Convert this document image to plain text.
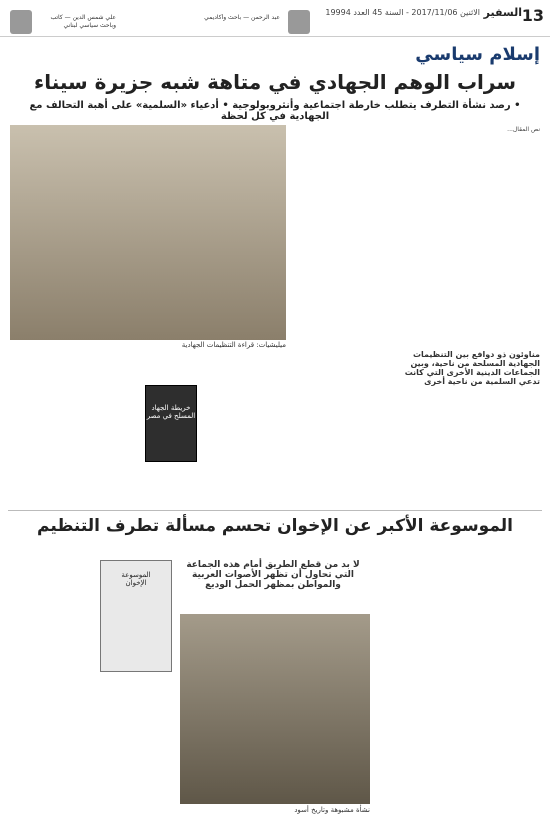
13
السفير
الاثنين 2017/11/06 - السنة 45 العدد 19994
عبد الرحمن — باحث وأكاديمي
علي شمس الدين — كاتب وباحث سياسي لبناني
إسلام سياسي
سراب الوهم الجهادي في متاهة شبه جزيرة سيناء
• رصد نشأة التطرف يتطلب خارطة اجتماعية وأنثروبولوجية • أدعياء «السلمية» على أهبة التحالف مع الجهادية في كل لحظة
ميليشيات: قراءة التنظيمات الجهادية
نص المقال...
مناوئون ذو دوافع بين التنظيمات الجهادية المسلحة من ناحية، وبين الجماعات الدينية الأخرى التي كانت تدعي السلمية من ناحية أخرى
خريطة الجهاد المسلح في مصر
الموسوعة الأكبر عن الإخوان تحسم مسألة تطرف التنظيم
لا بد من قطع الطريق أمام هذه الجماعة التي تحاول أن تظهر الأصوات العربية والمواطن بمظهر الحمل الوديع
الموسوعة الإخوان
نشأة مشبوهة وتاريخ أسود
